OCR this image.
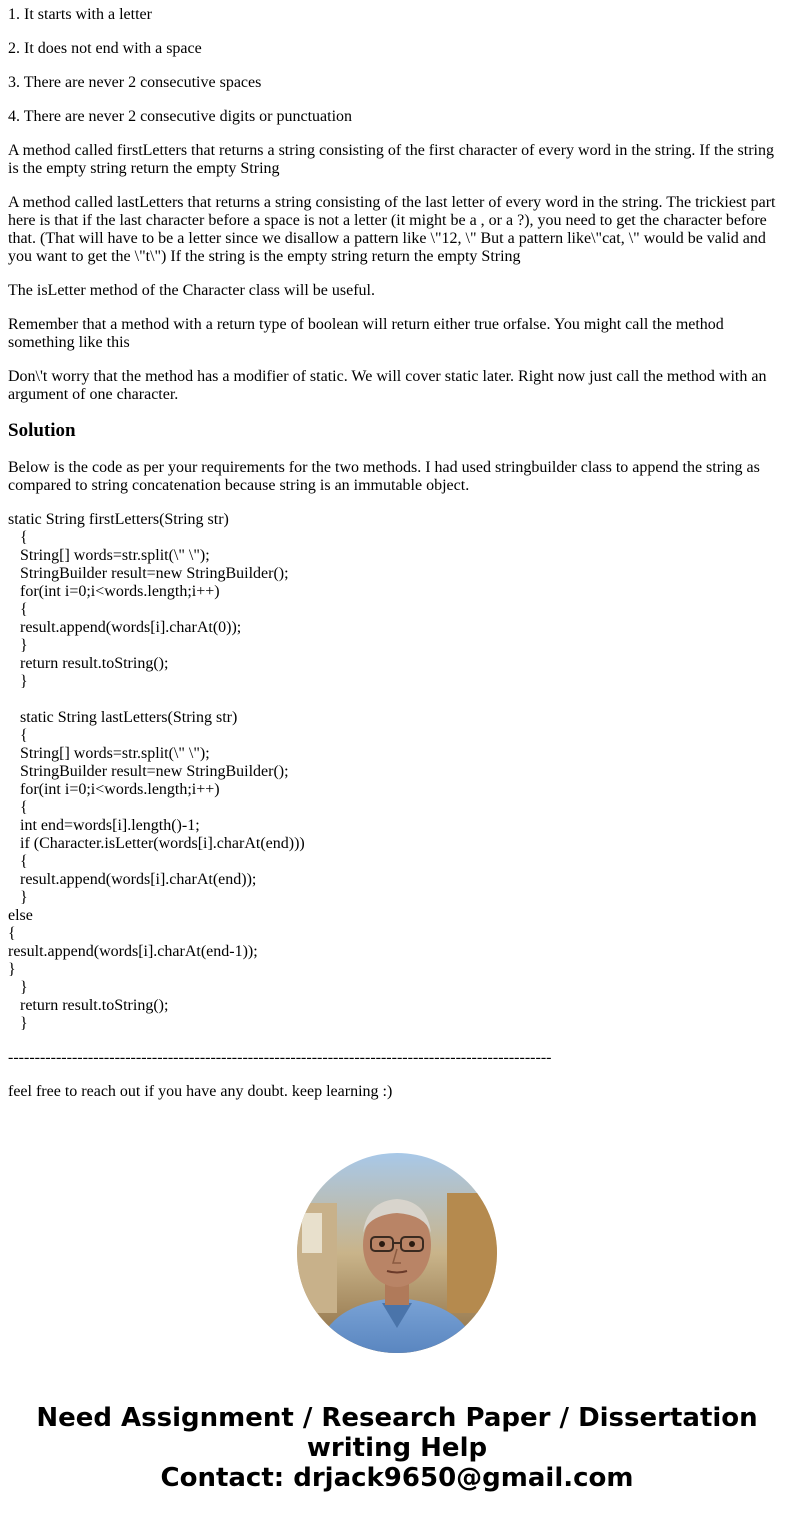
1. It starts with a letter

2. It does not end with a space

3. There are never 2 consecutive spaces

4. There are never 2 consecutive digits or punctuation

A method called firstLetters that returns a string consisting of the first character of every word in the string. If the string is the empty string return the empty String

A method called lastLetters that returns a string consisting of the last letter of every word in the string. The trickiest part here is that if the last character before a space is not a letter (it might be a , or a ?), you need to get the character before that. (That will have to be a letter since we disallow a pattern like \"12, \" But a pattern like\"cat, \" would be valid and you want to get the \"t\") If the string is the empty string return the empty String

The isLetter method of the Character class will be useful.

Remember that a method with a return type of boolean will return either true orfalse. You might call the method something like this

Don\'t worry that the method has a modifier of static. We will cover static later. Right now just call the method with an argument of one character.

Solution

Below is the code as per your requirements for the two methods. I had used stringbuilder class to append the string as compared to string concatenation because string is an immutable object.

static String firstLetters(String str)
{
String[] words=str.split(\" \");
StringBuilder result=new StringBuilder();
for(int i=0;i<words.length;i++)
{
result.append(words[i].charAt(0));
}
return result.toString();
}

static String lastLetters(String str)
{
String[] words=str.split(\" \");
StringBuilder result=new StringBuilder();
for(int i=0;i<words.length;i++)
{
int end=words[i].length()-1;
if (Character.isLetter(words[i].charAt(end)))
{
result.append(words[i].charAt(end));
}
else
{
result.append(words[i].charAt(end-1));
}
}
return result.toString();
}
------------------------------------------------------------------------------------------------------

feel free to reach out if you have any doubt. keep learning :)

Need Assignment / Research Paper / Dissertation
writing Help
Contact: drjack9650@gmail.com
